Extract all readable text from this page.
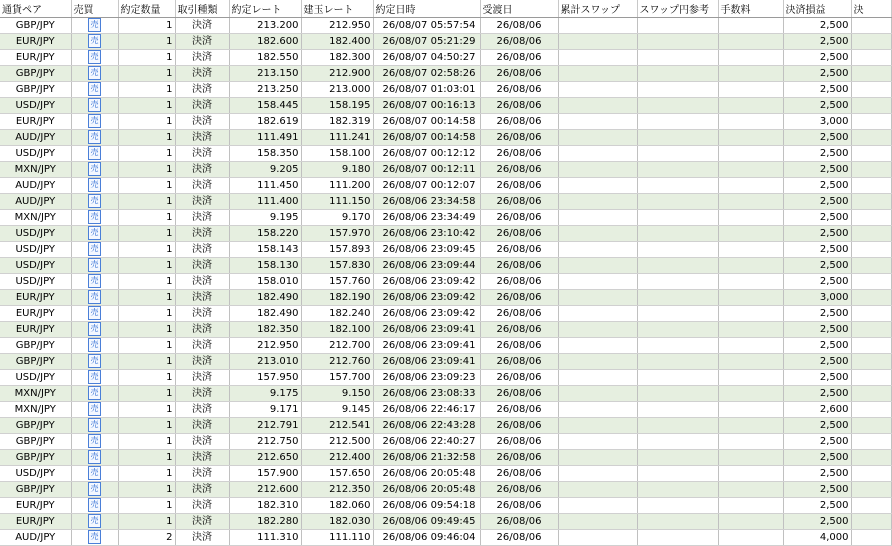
通貨ペア	売買	約定数量	取引種類	約定レート	建玉レート	約定日時	受渡日	累計スワップ	スワップ円参考	手数料	決済損益	決
GBP/JPY	売	1	決済	213.200	212.950	26/08/07 05:57:54	26/08/06				2,500	
EUR/JPY	売	1	決済	182.600	182.400	26/08/07 05:21:29	26/08/06				2,500	
EUR/JPY	売	1	決済	182.550	182.300	26/08/07 04:50:27	26/08/06				2,500	
GBP/JPY	売	1	決済	213.150	212.900	26/08/07 02:58:26	26/08/06				2,500	
GBP/JPY	売	1	決済	213.250	213.000	26/08/07 01:03:01	26/08/06				2,500	
USD/JPY	売	1	決済	158.445	158.195	26/08/07 00:16:13	26/08/06				2,500	
EUR/JPY	売	1	決済	182.619	182.319	26/08/07 00:14:58	26/08/06				3,000	
AUD/JPY	売	1	決済	111.491	111.241	26/08/07 00:14:58	26/08/06				2,500	
USD/JPY	売	1	決済	158.350	158.100	26/08/07 00:12:12	26/08/06				2,500	
MXN/JPY	売	1	決済	9.205	9.180	26/08/07 00:12:11	26/08/06				2,500	
AUD/JPY	売	1	決済	111.450	111.200	26/08/07 00:12:07	26/08/06				2,500	
AUD/JPY	売	1	決済	111.400	111.150	26/08/06 23:34:58	26/08/06				2,500	
MXN/JPY	売	1	決済	9.195	9.170	26/08/06 23:34:49	26/08/06				2,500	
USD/JPY	売	1	決済	158.220	157.970	26/08/06 23:10:42	26/08/06				2,500	
USD/JPY	売	1	決済	158.143	157.893	26/08/06 23:09:45	26/08/06				2,500	
USD/JPY	売	1	決済	158.130	157.830	26/08/06 23:09:44	26/08/06				2,500	
USD/JPY	売	1	決済	158.010	157.760	26/08/06 23:09:42	26/08/06				2,500	
EUR/JPY	売	1	決済	182.490	182.190	26/08/06 23:09:42	26/08/06				3,000	
EUR/JPY	売	1	決済	182.490	182.240	26/08/06 23:09:42	26/08/06				2,500	
EUR/JPY	売	1	決済	182.350	182.100	26/08/06 23:09:41	26/08/06				2,500	
GBP/JPY	売	1	決済	212.950	212.700	26/08/06 23:09:41	26/08/06				2,500	
GBP/JPY	売	1	決済	213.010	212.760	26/08/06 23:09:41	26/08/06				2,500	
USD/JPY	売	1	決済	157.950	157.700	26/08/06 23:09:23	26/08/06				2,500	
MXN/JPY	売	1	決済	9.175	9.150	26/08/06 23:08:33	26/08/06				2,500	
MXN/JPY	売	1	決済	9.171	9.145	26/08/06 22:46:17	26/08/06				2,600	
GBP/JPY	売	1	決済	212.791	212.541	26/08/06 22:43:28	26/08/06				2,500	
GBP/JPY	売	1	決済	212.750	212.500	26/08/06 22:40:27	26/08/06				2,500	
GBP/JPY	売	1	決済	212.650	212.400	26/08/06 21:32:58	26/08/06				2,500	
USD/JPY	売	1	決済	157.900	157.650	26/08/06 20:05:48	26/08/06				2,500	
GBP/JPY	売	1	決済	212.600	212.350	26/08/06 20:05:48	26/08/06				2,500	
EUR/JPY	売	1	決済	182.310	182.060	26/08/06 09:54:18	26/08/06				2,500	
EUR/JPY	売	1	決済	182.280	182.030	26/08/06 09:49:45	26/08/06				2,500	
AUD/JPY	売	2	決済	111.310	111.110	26/08/06 09:46:04	26/08/06				4,000	
